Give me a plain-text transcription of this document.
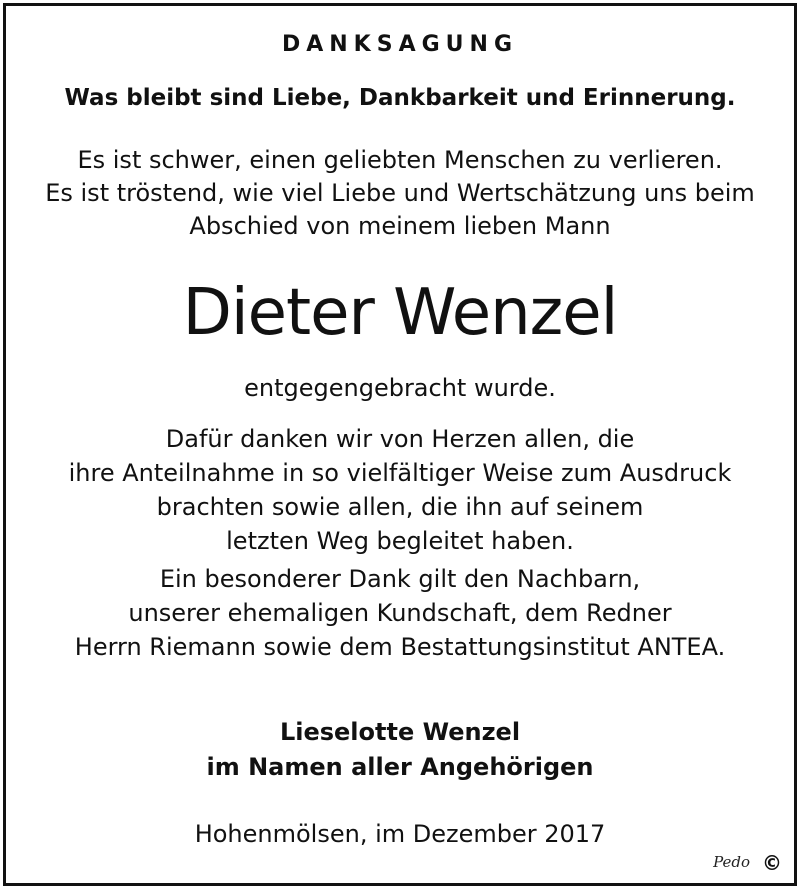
DANKSAGUNG
Was bleibt sind Liebe, Dankbarkeit und Erinnerung.
Es ist schwer, einen geliebten Menschen zu verlieren.
Es ist tröstend, wie viel Liebe und Wertschätzung uns beim
Abschied von meinem lieben Mann
Dieter Wenzel
entgegengebracht wurde.
Dafür danken wir von Herzen allen, die
ihre Anteilnahme in so vielfältiger Weise zum Ausdruck
brachten sowie allen, die ihn auf seinem
letzten Weg begleitet haben.
Ein besonderer Dank gilt den Nachbarn,
unserer ehemaligen Kundschaft, dem Redner
Herrn Riemann sowie dem Bestattungsinstitut ANTEA.
Lieselotte Wenzel
im Namen aller Angehörigen
Hohenmölsen, im Dezember 2017
Pedo ©
